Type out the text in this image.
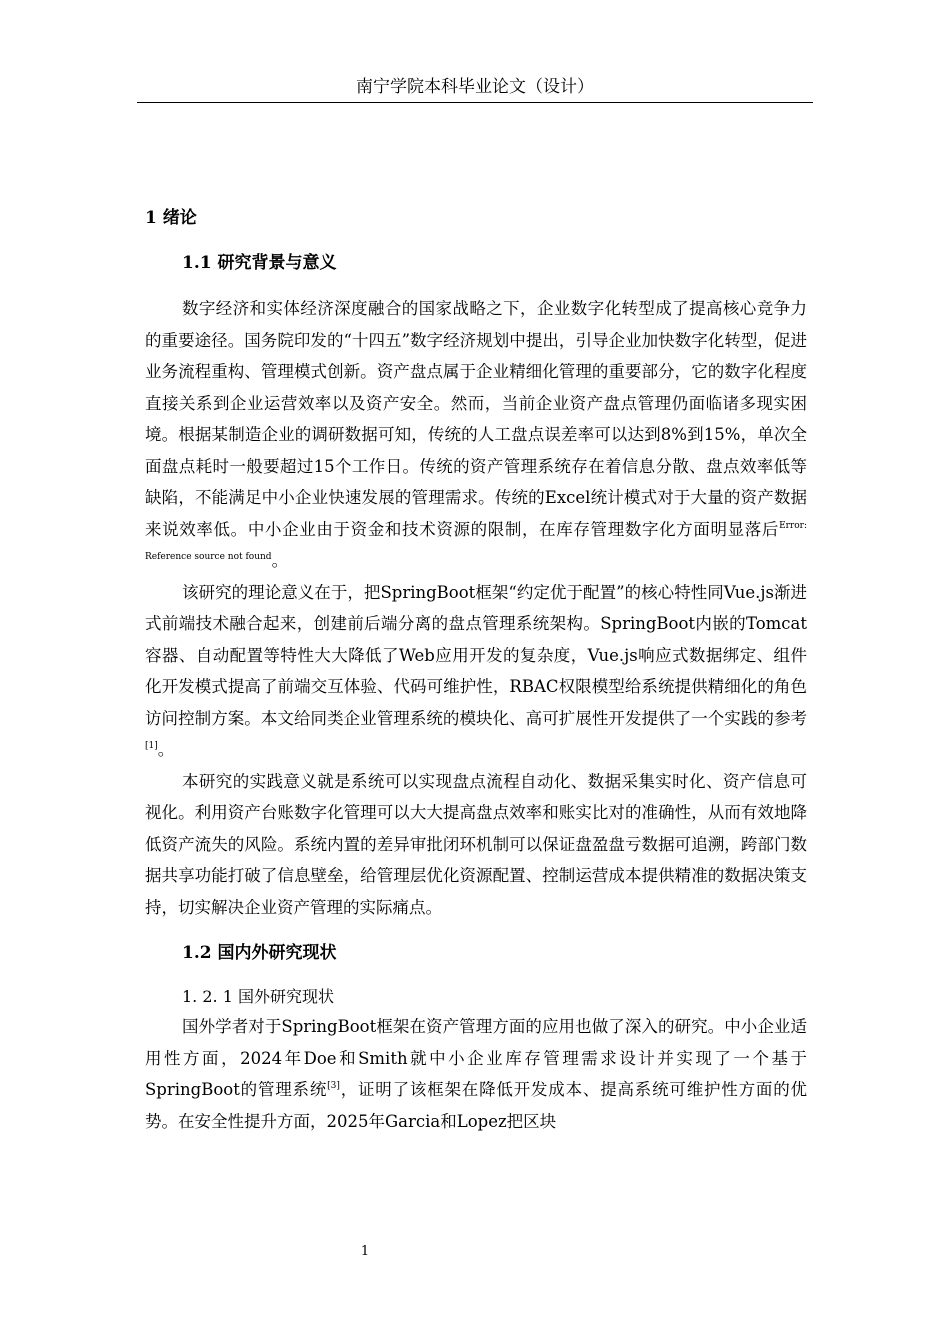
南宁学院本科毕业论文（设计）
1 绪论
1.1 研究背景与意义

数字经济和实体经济深度融合的国家战略之下，企业数字化转型成了提高核心竞争力的重要途径。国务院印发的“十四五”数字经济规划中提出，引导企业加快数字化转型，促进业务流程重构、管理模式创新。资产盘点属于企业精细化管理的重要部分，它的数字化程度直接关系到企业运营效率以及资产安全。然而，当前企业资产盘点管理仍面临诸多现实困境。根据某制造企业的调研数据可知，传统的人工盘点误差率可以达到8%到15%，单次全面盘点耗时一般要超过15个工作日。传统的资产管理系统存在着信息分散、盘点效率低等缺陷，不能满足中小企业快速发展的管理需求。传统的Excel统计模式对于大量的资产数据来说效率低。中小企业由于资金和技术资源的限制，在库存管理数字化方面明显落后$^{Error: Reference source not found}$。

该研究的理论意义在于，把SpringBoot框架“约定优于配置”的核心特性同Vue.js渐进式前端技术融合起来，创建前后端分离的盘点管理系统架构。SpringBoot内嵌的Tomcat容器、自动配置等特性大大降低了Web应用开发的复杂度，Vue.js响应式数据绑定、组件化开发模式提高了前端交互体验、代码可维护性，RBAC权限模型给系统提供精细化的角色访问控制方案。本文给同类企业管理系统的模块化、高可扩展性开发提供了一个实践的参考[1]。

本研究的实践意义就是系统可以实现盘点流程自动化、数据采集实时化、资产信息可视化。利用资产台账数字化管理可以大大提高盘点效率和账实比对的准确性，从而有效地降低资产流失的风险。系统内置的差异审批闭环机制可以保证盘盈盘亏数据可追溯，跨部门数据共享功能打破了信息壁垒，给管理层优化资源配置、控制运营成本提供精准的数据决策支持，切实解决企业资产管理的实际痛点。

1.2 国内外研究现状
1. 2. 1 国外研究现状

国外学者对于SpringBoot框架在资产管理方面的应用也做了深入的研究。中小企业适用性方面，2024年Doe和Smith就中小企业库存管理需求设计并实现了一个基于SpringBoot的管理系统[3]，证明了该框架在降低开发成本、提高系统可维护性方面的优势。在安全性提升方面，2025年Garcia和Lopez把区块

1
